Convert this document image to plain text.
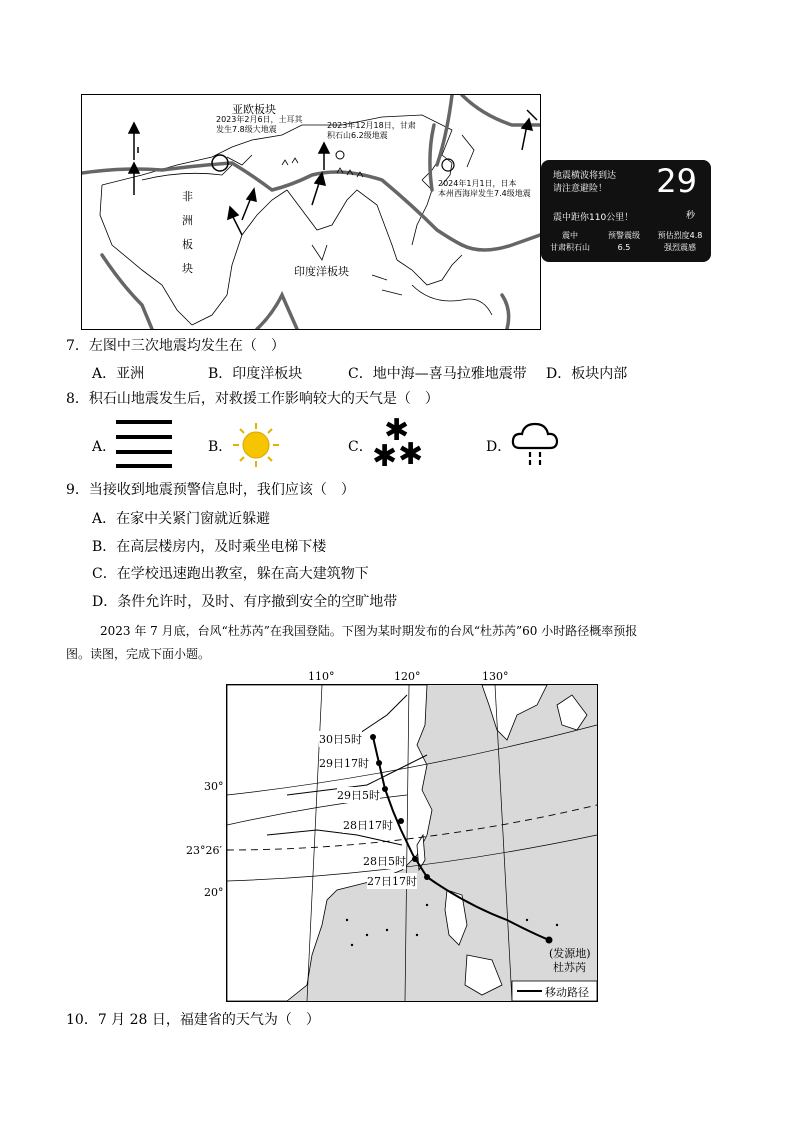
亚欧板块
2023年2月6日，土耳其
发生7.8级大地震	2023年12月18日，甘肃
积石山6.2级地震
2024年1月1日，日本
本州西海岸发生7.4级地震
非
洲
板
块	印度洋板块
地震横波将到达
请注意避险！ 29
秒
震中距你110公里！
震中
甘肃积石山
预警震级
6.5
预估烈度4.8
强烈震感
7．左图中三次地震均发生在（　）
A．亚洲	B．印度洋板块	C．地中海—喜马拉雅地震带 D．板块内部
8．积石山地震发生后，对救援工作影响较大的天气是（　）
A．	B．	C． ✱
✱ ✱	D．
9．当接收到地震预警信息时，我们应该（　）
A．在家中关紧门窗就近躲避
B．在高层楼房内，及时乘坐电梯下楼
C．在学校迅速跑出教室，躲在高大建筑物下
D．条件允许时，及时、有序撤到安全的空旷地带
2023 年 7 月底，台风“杜苏芮”在我国登陆。下图为某时期发布的台风“杜苏芮”60 小时路径概率预报
图。读图，完成下面小题。
110°	120°	130°
30°
23°26′
20°
30日5时
29日17时
29日5时
28日17时
28日5时
27日17时
(发源地)
杜苏芮
移动路径
10．7 月 28 日，福建省的天气为（　）
